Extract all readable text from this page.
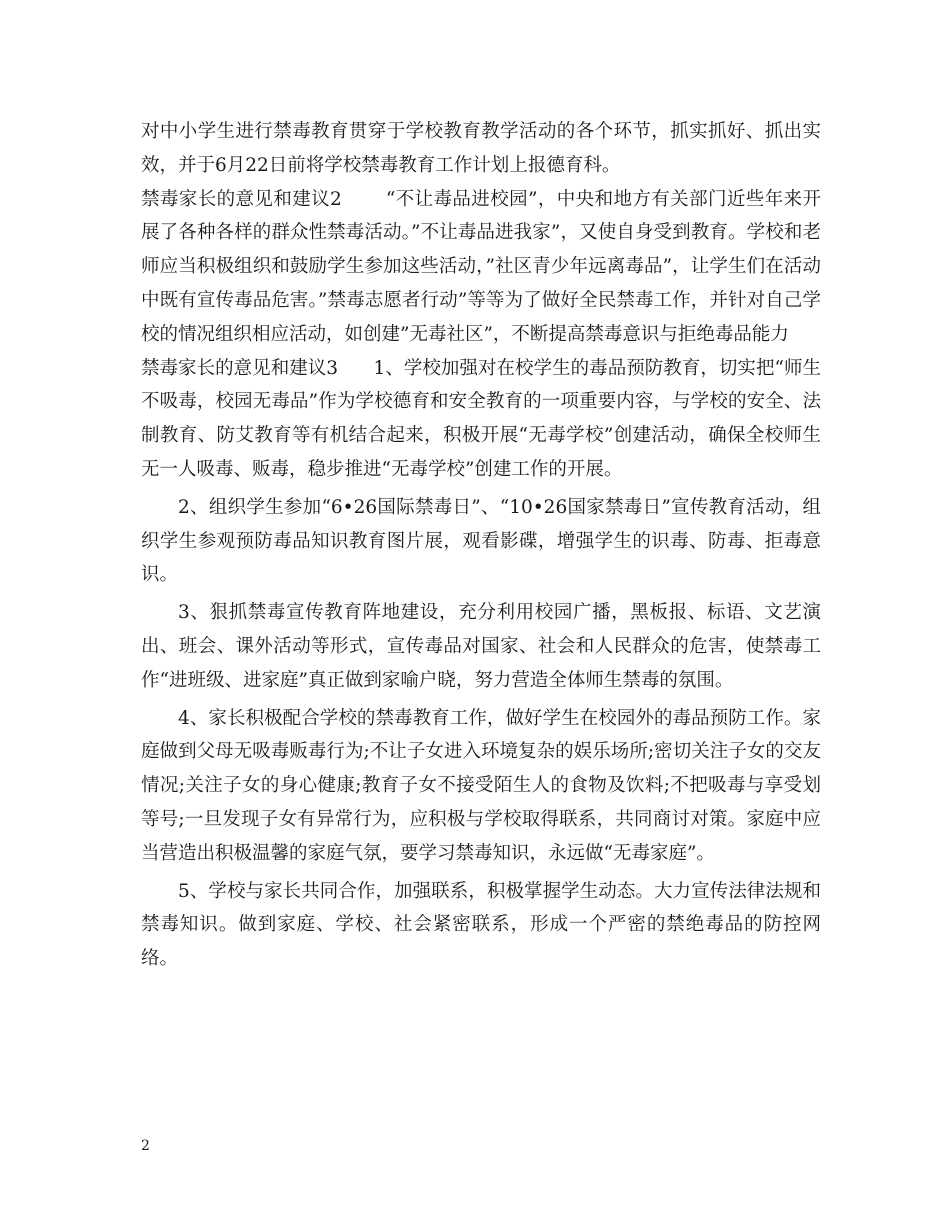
对中小学生进行禁毒教育贯穿于学校教育教学活动的各个环节，抓实抓好、抓出实效，并于6月22日前将学校禁毒教育工作计划上报德育科。

禁毒家长的意见和建议2 “不让毒品进校园”，中央和地方有关部门近些年来开展了各种各样的群众性禁毒活动。”不让毒品进我家”，又使自身受到教育。学校和老师应当积极组织和鼓励学生参加这些活动，”社区青少年远离毒品”，让学生们在活动中既有宣传毒品危害。”禁毒志愿者行动”等等为了做好全民禁毒工作，并针对自己学校的情况组织相应活动，如创建”无毒社区”，不断提高禁毒意识与拒绝毒品能力

禁毒家长的意见和建议3 1、学校加强对在校学生的毒品预防教育，切实把“师生不吸毒，校园无毒品”作为学校德育和安全教育的一项重要内容，与学校的安全、法制教育、防艾教育等有机结合起来，积极开展“无毒学校”创建活动，确保全校师生无一人吸毒、贩毒，稳步推进“无毒学校”创建工作的开展。

2、组织学生参加“6•26国际禁毒日”、“10•26国家禁毒日”宣传教育活动，组织学生参观预防毒品知识教育图片展，观看影碟，增强学生的识毒、防毒、拒毒意识。

3、狠抓禁毒宣传教育阵地建设，充分利用校园广播，黑板报、标语、文艺演出、班会、课外活动等形式，宣传毒品对国家、社会和人民群众的危害，使禁毒工作“进班级、进家庭”真正做到家喻户晓，努力营造全体师生禁毒的氛围。

4、家长积极配合学校的禁毒教育工作，做好学生在校园外的毒品预防工作。家庭做到父母无吸毒贩毒行为;不让子女进入环境复杂的娱乐场所;密切关注子女的交友情况;关注子女的身心健康;教育子女不接受陌生人的食物及饮料;不把吸毒与享受划等号;一旦发现子女有异常行为，应积极与学校取得联系，共同商讨对策。家庭中应当营造出积极温馨的家庭气氛，要学习禁毒知识，永远做“无毒家庭”。

5、学校与家长共同合作，加强联系，积极掌握学生动态。大力宣传法律法规和禁毒知识。做到家庭、学校、社会紧密联系，形成一个严密的禁绝毒品的防控网络。

2
